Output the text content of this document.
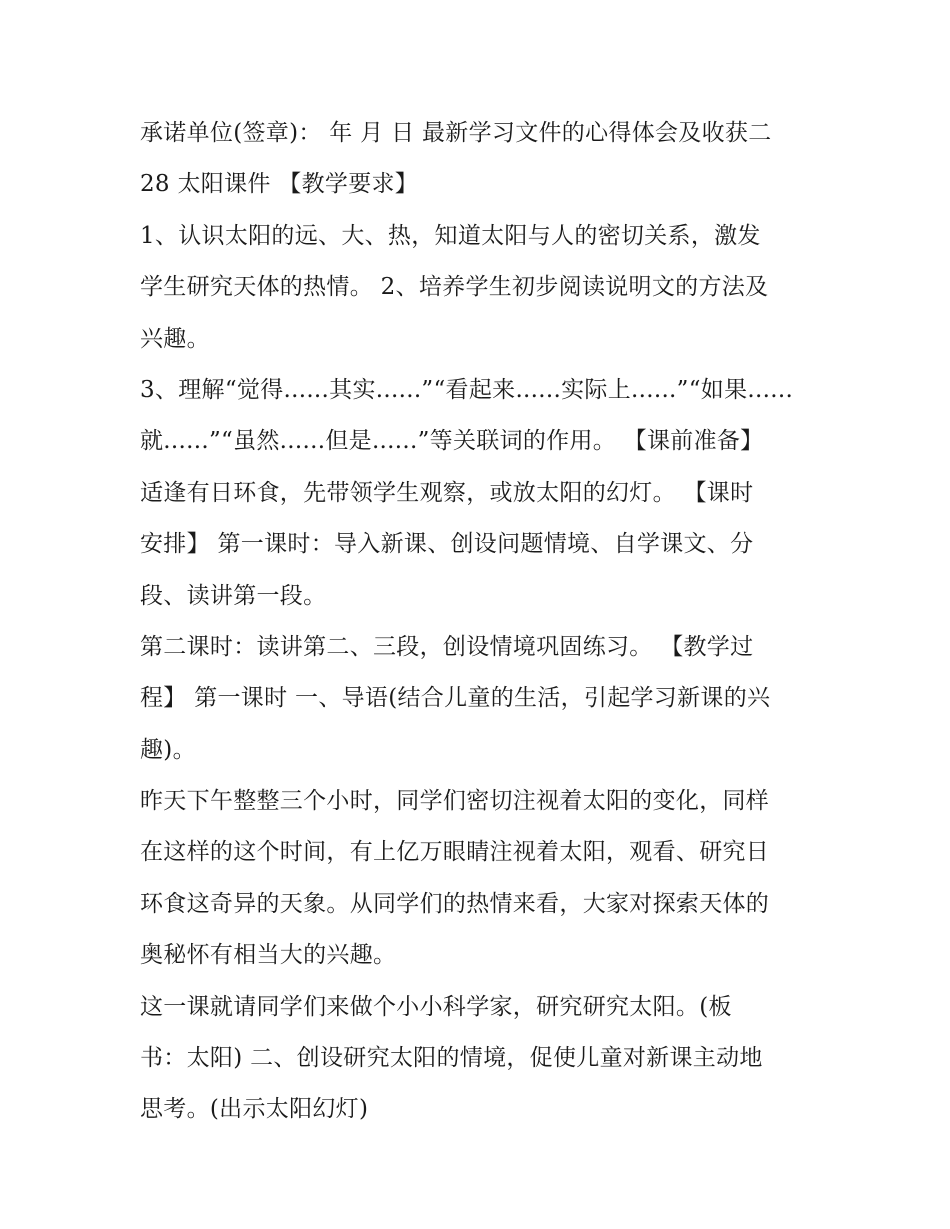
承诺单位(签章)： 年 月 日 最新学习文件的心得体会及收获二
28 太阳课件 【教学要求】
1、认识太阳的远、大、热，知道太阳与人的密切关系，激发
学生研究天体的热情。 2、培养学生初步阅读说明文的方法及
兴趣。
3、理解“觉得......其实......”“看起来......实际上......”“如果......
就......”“虽然......但是......”等关联词的作用。 【课前准备】
适逢有日环食，先带领学生观察，或放太阳的幻灯。 【课时
安排】 第一课时：导入新课、创设问题情境、自学课文、分
段、读讲第一段。
第二课时：读讲第二、三段，创设情境巩固练习。 【教学过
程】 第一课时 一、导语(结合儿童的生活，引起学习新课的兴
趣)。
昨天下午整整三个小时，同学们密切注视着太阳的变化，同样
在这样的这个时间，有上亿万眼睛注视着太阳，观看、研究日
环食这奇异的天象。从同学们的热情来看，大家对探索天体的
奥秘怀有相当大的兴趣。
这一课就请同学们来做个小小科学家，研究研究太阳。(板
书：太阳) 二、创设研究太阳的情境，促使儿童对新课主动地
思考。(出示太阳幻灯)
